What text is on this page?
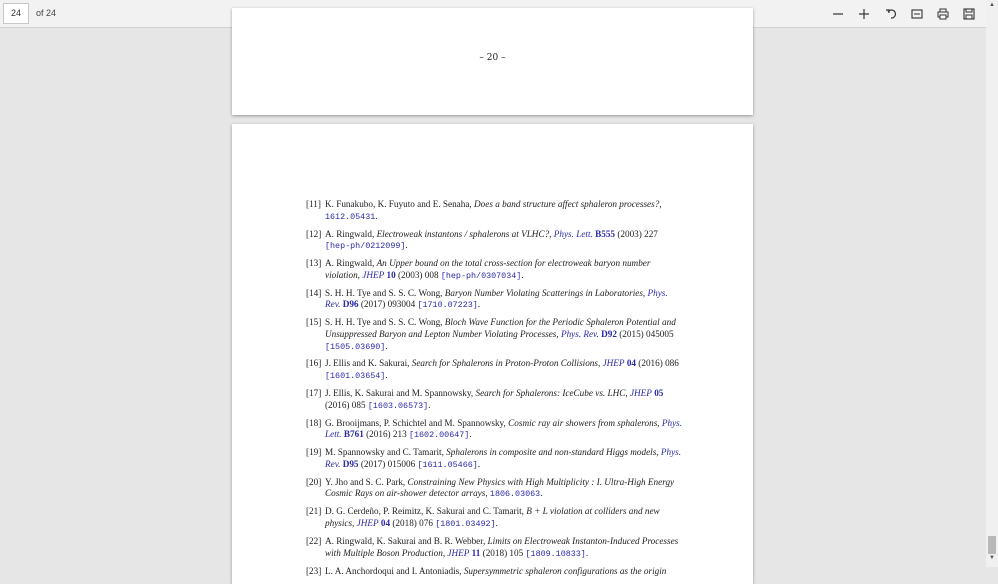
24	of 24
– 20 –
[11] K. Funakubo, K. Fuyuto and E. Senaha, Does a band structure affect sphaleron processes?, 1612.05431.
[12] A. Ringwald, Electroweak instantons / sphalerons at VLHC?, Phys. Lett. B555 (2003) 227 [hep-ph/0212099].
[13] A. Ringwald, An Upper bound on the total cross-section for electroweak baryon number violation, JHEP 10 (2003) 008 [hep-ph/0307034].
[14] S. H. H. Tye and S. S. C. Wong, Baryon Number Violating Scatterings in Laboratories, Phys. Rev. D96 (2017) 093004 [1710.07223].
[15] S. H. H. Tye and S. S. C. Wong, Bloch Wave Function for the Periodic Sphaleron Potential and Unsuppressed Baryon and Lepton Number Violating Processes, Phys. Rev. D92 (2015) 045005 [1505.03690].
[16] J. Ellis and K. Sakurai, Search for Sphalerons in Proton-Proton Collisions, JHEP 04 (2016) 086 [1601.03654].
[17] J. Ellis, K. Sakurai and M. Spannowsky, Search for Sphalerons: IceCube vs. LHC, JHEP 05 (2016) 085 [1603.06573].
[18] G. Brooijmans, P. Schichtel and M. Spannowsky, Cosmic ray air showers from sphalerons, Phys. Lett. B761 (2016) 213 [1602.00647].
[19] M. Spannowsky and C. Tamarit, Sphalerons in composite and non-standard Higgs models, Phys. Rev. D95 (2017) 015006 [1611.05466].
[20] Y. Jho and S. C. Park, Constraining New Physics with High Multiplicity : I. Ultra-High Energy Cosmic Rays on air-shower detector arrays, 1806.03063.
[21] D. G. Cerdeño, P. Reimitz, K. Sakurai and C. Tamarit, B + L violation at colliders and new physics, JHEP 04 (2018) 076 [1801.03492].
[22] A. Ringwald, K. Sakurai and B. R. Webber, Limits on Electroweak Instanton-Induced Processes with Multiple Boson Production, JHEP 11 (2018) 105 [1809.10833].
[23] L. A. Anchordoqui and I. Antoniadis, Supersymmetric sphaleron configurations as the origin
▲
▼
